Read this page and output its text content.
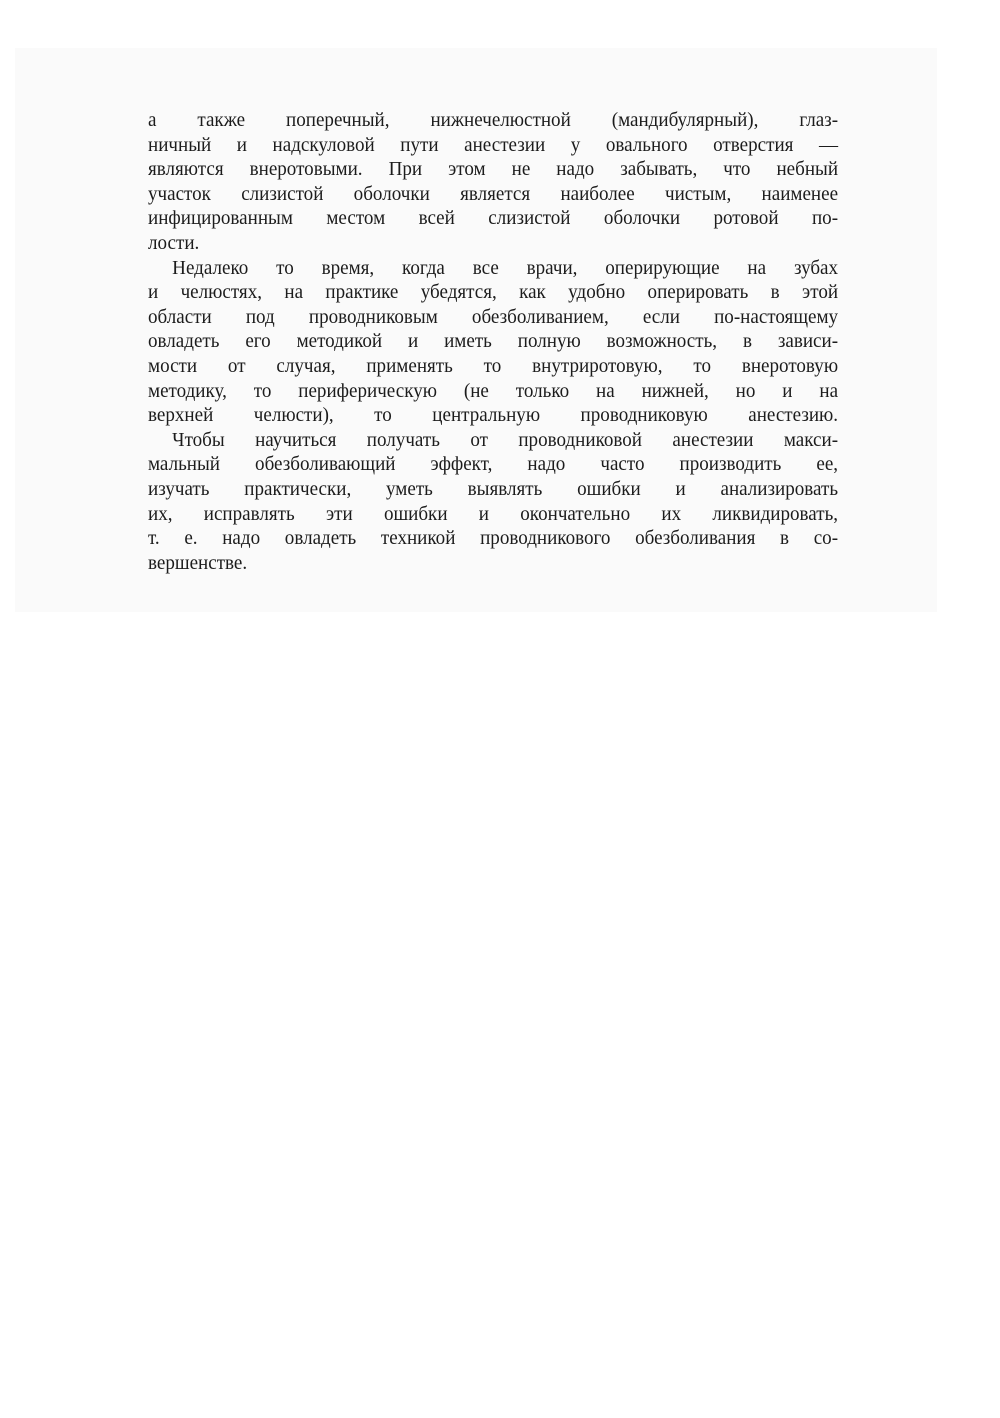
а также поперечный, нижнечелюстной (мандибулярный), глаз-
ничный и надскуловой пути анестезии у овального отверстия —
являются внеротовыми. При этом не надо забывать, что небный
участок слизистой оболочки является наиболее чистым, наименее
инфицированным местом всей слизистой оболочки ротовой по-
лости.
Недалеко то время, когда все врачи, оперирующие на зубах
и челюстях, на практике убедятся, как удобно оперировать в этой
области под проводниковым обезболиванием, если по-настоящему
овладеть его методикой и иметь полную возможность, в зависи-
мости от случая, применять то внутриротовую, то внеротовую
методику, то периферическую (не только на нижней, но и на
верхней челюсти), то центральную проводниковую анестезию.
Чтобы научиться получать от проводниковой анестезии макси-
мальный обезболивающий эффект, надо часто производить ее,
изучать практически, уметь выявлять ошибки и анализировать
их, исправлять эти ошибки и окончательно их ликвидировать,
т. е. надо овладеть техникой проводникового обезболивания в со-
вершенстве.
